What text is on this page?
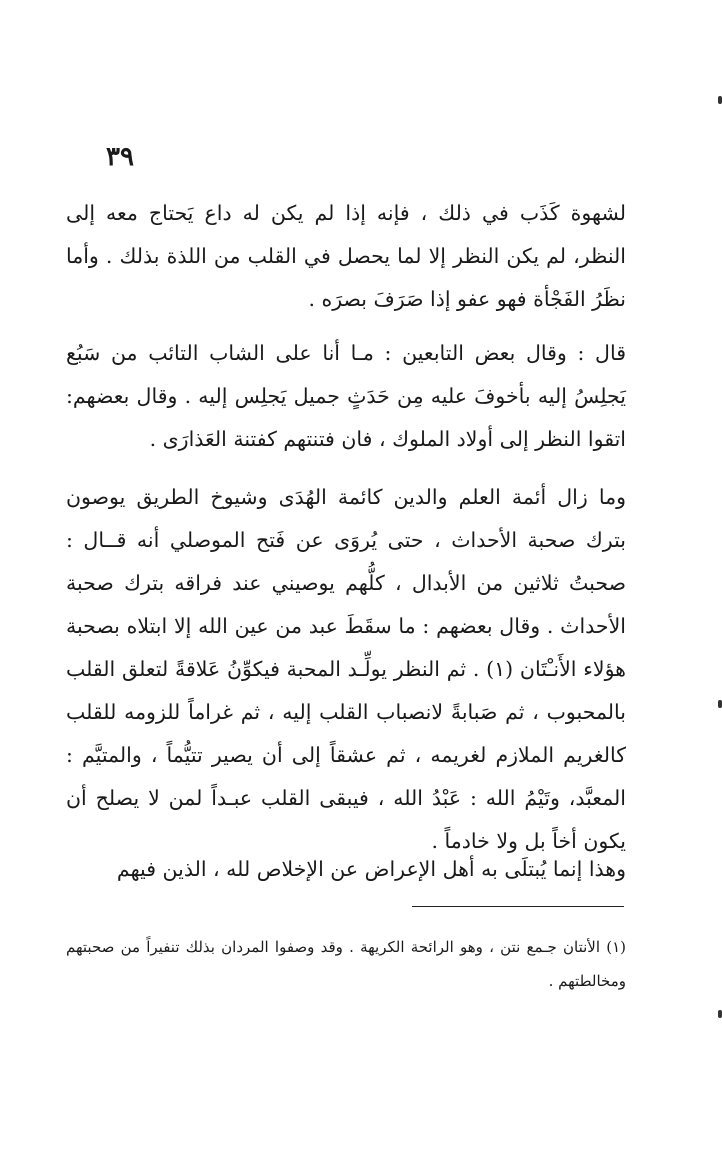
٣٩
لشهوة كَذَب في ذلك ، فإنه إذا لم يكن له داع يَحتاج معه إلى النظر، لم يكن النظر إلا لما يحصل في القلب من اللذة بذلك . وأما نظَرُ الفَجْأة فهو عفو إذا صَرَفَ بصرَه .
قال : وقال بعض التابعين : مـا أنا على الشاب التائب من سَبُع يَجلِسُ إليه بأخوفَ عليه مِن حَدَثٍ جميل يَجلِس إليه . وقال بعضهم: اتقوا النظر إلى أولاد الملوك ، فان فتنتهم كفتنة العَذارَى .
وما زال أئمة العلم والدين كائمة الهُدَى وشيوخ الطريق يوصون بترك صحبة الأحداث ، حتى يُروَى عن فَتح الموصلي أنه قــال : صحبتُ ثلاثين من الأبدال ، كلُّهم يوصيني عند فراقه بترك صحبة الأحداث . وقال بعضهم : ما سقَطَ عبد من عين الله إلا ابتلاه بصحبة هؤلاء الأَنـْتَان (١) . ثم النظر يولِّـد المحبة فيكوِّنُ عَلاقةً لتعلق القلب بالمحبوب ، ثم صَبابةً لانصباب القلب إليه ، ثم غراماً للزومه للقلب كالغريم الملازم لغريمه ، ثم عشقاً إلى أن يصير تتيُّماً ، والمتيَّم : المعبَّد، وتَيْمُ الله : عَبْدُ الله ، فيبقى القلب عبـداً لمن لا يصلح أن يكون أخاً بل ولا خادماً .
وهذا إنما يُبتلَى به أهل الإعراض عن الإخلاص لله ، الذين فيهم
(١) الأنتان جـمع نتن ، وهو الرائحة الكريهة . وقد وصفوا المردان بذلك تنفيراً من صحبتهم ومخالطتهم .
